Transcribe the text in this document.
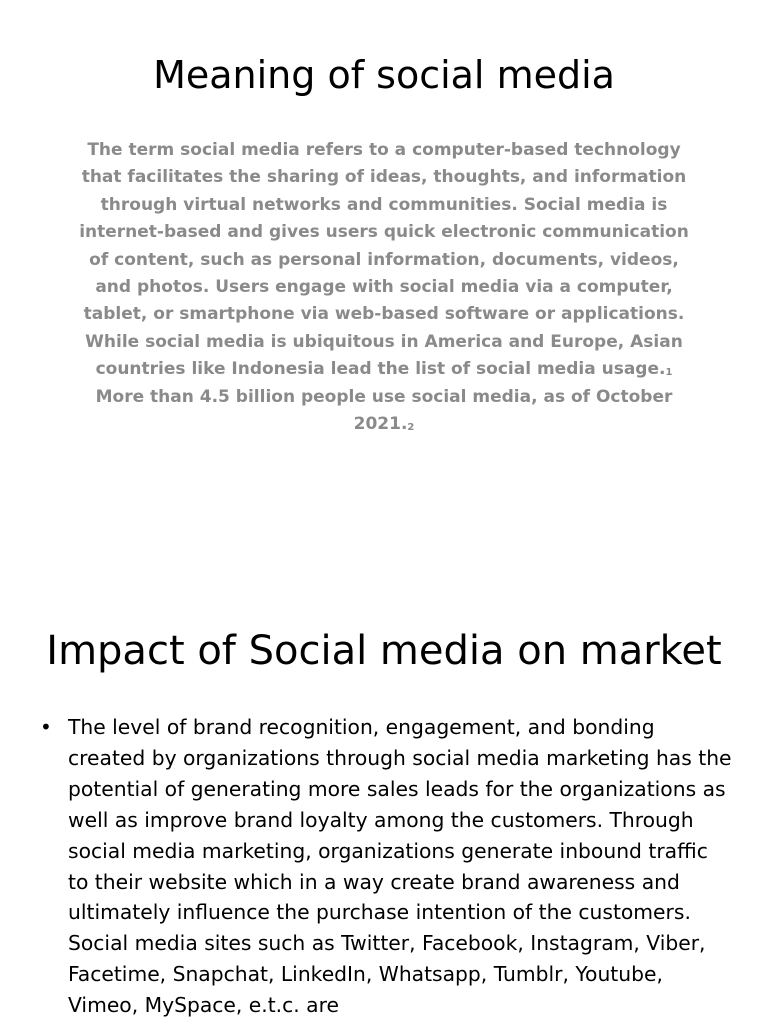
Meaning of social media

The term social media refers to a computer-based technology that facilitates the sharing of ideas, thoughts, and information through virtual networks and communities. Social media is internet-based and gives users quick electronic communication of content, such as personal information, documents, videos, and photos. Users engage with social media via a computer, tablet, or smartphone via web-based software or applications. While social media is ubiquitous in America and Europe, Asian countries like Indonesia lead the list of social media usage.$^1$ More than 4.5 billion people use social media, as of October 2021.$^2$

Impact of Social media on market
• The level of brand recognition, engagement, and bonding created by organizations through social media marketing has the potential of generating more sales leads for the organizations as well as improve brand loyalty among the customers. Through social media marketing, organizations generate inbound traffic to their website which in a way create brand awareness and ultimately influence the purchase intention of the customers. Social media sites such as Twitter, Facebook, Instagram, Viber, Facetime, Snapchat, LinkedIn, Whatsapp, Tumblr, Youtube, Vimeo, MySpace, e.t.c. are
